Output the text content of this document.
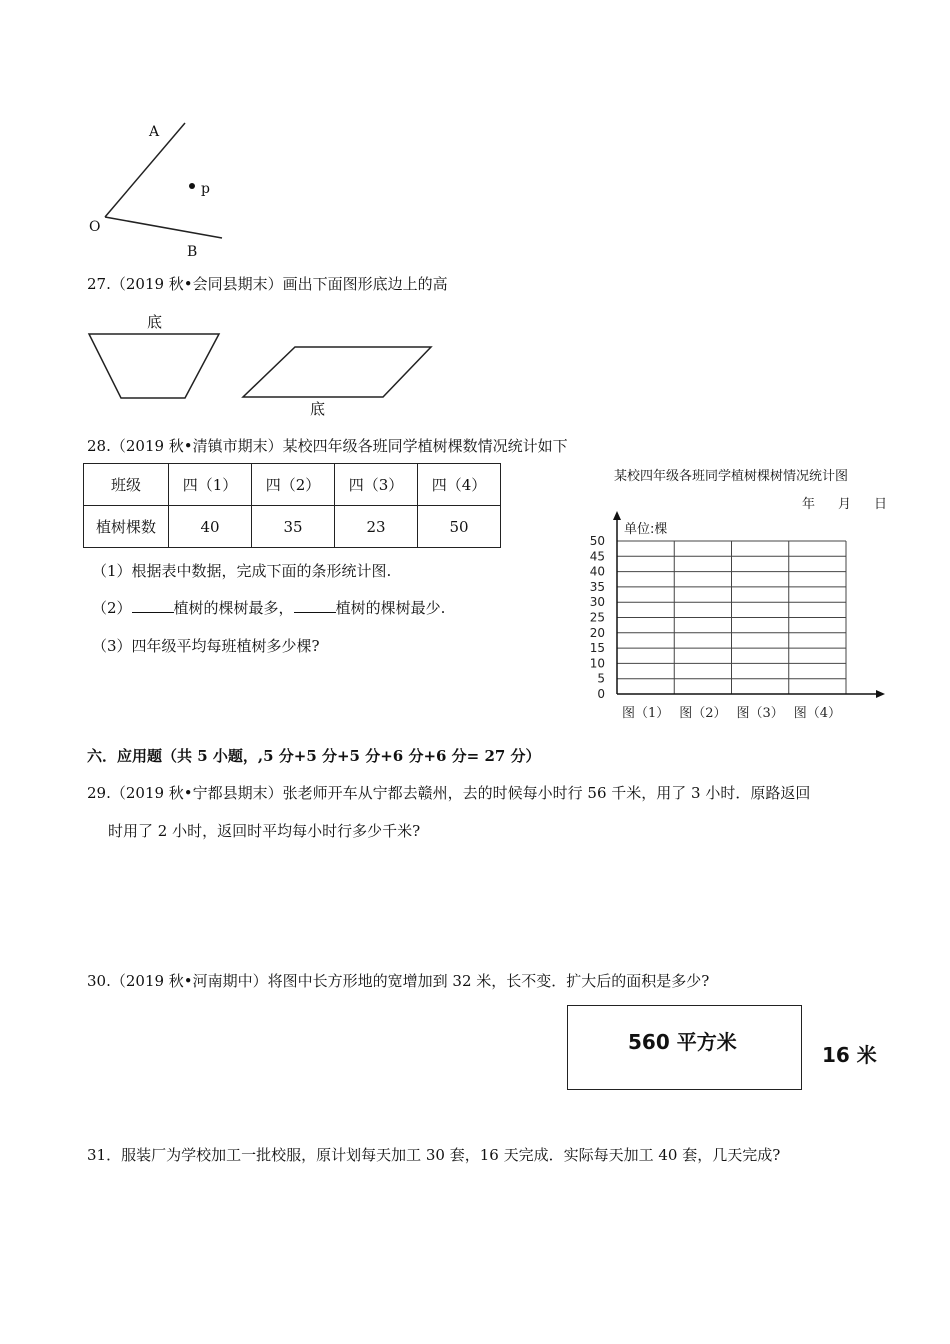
A
p
O
B
27.（2019 秋•会同县期末）画出下面图形底边上的高
底
底
28.（2019 秋•清镇市期末）某校四年级各班同学植树棵数情况统计如下
班级	四（1）	四（2）	四（3）	四（4）
植树棵数	40	35	23	50
（1）根据表中数据，完成下面的条形统计图.
（2）	植树的棵树最多，	植树的棵树最少.
（3）四年级平均每班植树多少棵?
某校四年级各班同学植树棵树情况统计图
年 月 日
单位:棵
50
45
40
35
30
25
20
15
10
5
0
图（1） 图（2） 图（3） 图（4）
六．应用题（共 5 小题，,5 分+5 分+5 分+6 分+6 分= 27 分）
29.（2019 秋•宁都县期末）张老师开车从宁都去赣州，去的时候每小时行 56 千米，用了 3 小时．原路返回
时用了 2 小时，返回时平均每小时行多少千米?
30.（2019 秋•河南期中）将图中长方形地的宽增加到 32 米，长不变．扩大后的面积是多少?
560 平方米
16 米
31．服装厂为学校加工一批校服，原计划每天加工 30 套，16 天完成．实际每天加工 40 套，几天完成?
